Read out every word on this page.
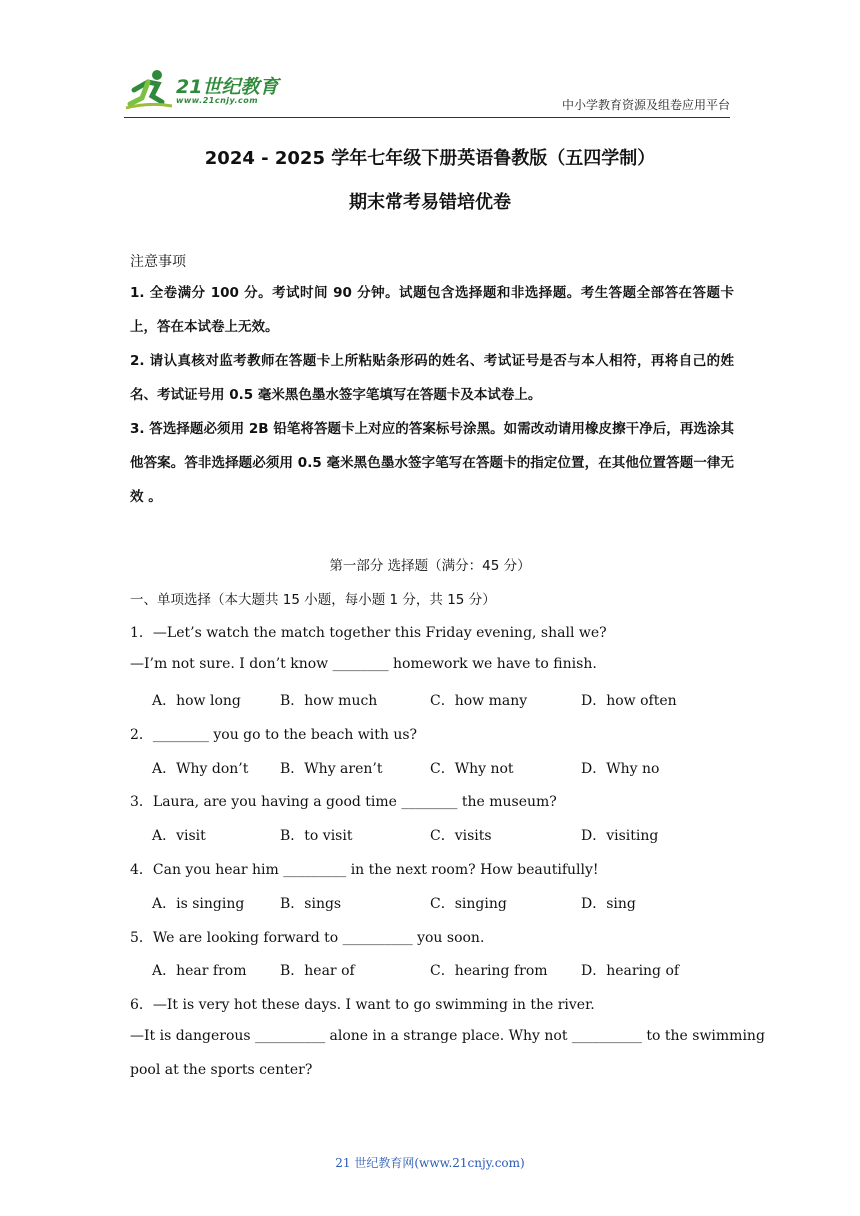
21世纪教育
www.21cnjy.com	中小学教育资源及组卷应用平台
2024 - 2025 学年七年级下册英语鲁教版（五四学制）
期末常考易错培优卷
注意事项
1. 全卷满分 100 分。考试时间 90 分钟。试题包含选择题和非选择题。考生答题全部答在答题卡上，答在本试卷上无效。
2. 请认真核对监考教师在答题卡上所粘贴条形码的姓名、考试证号是否与本人相符，再将自己的姓名、考试证号用 0.5 毫米黑色墨水签字笔填写在答题卡及本试卷上。
3. 答选择题必须用 2B 铅笔将答题卡上对应的答案标号涂黑。如需改动请用橡皮擦干净后，再选涂其他答案。答非选择题必须用 0.5 毫米黑色墨水签字笔写在答题卡的指定位置，在其他位置答题一律无效 。
第一部分 选择题（满分：45 分）
一、单项选择（本大题共 15 小题，每小题 1 分，共 15 分）
1．—Let’s watch the match together this Friday evening, shall we?
—I’m not sure. I don’t know ________ homework we have to finish.
A．how long	B．how much	C．how many	D．how often
2．________ you go to the beach with us?
A．Why don’t B．Why aren’t	C．Why not	D．Why no
3．Laura, are you having a good time ________ the museum?
A．visit	B．to visit	C．visits	D．visiting
4．Can you hear him _________ in the next room? How beautifully!
A．is singing	B．sings	C．singing	D．sing
5．We are looking forward to __________ you soon.
A．hear from B．hear of	C．hearing from D．hearing of
6．—It is very hot these days. I want to go swimming in the river.
—It is dangerous __________ alone in a strange place. Why not __________ to the swimming
pool at the sports center?
21 世纪教育网(www.21cnjy.com)
